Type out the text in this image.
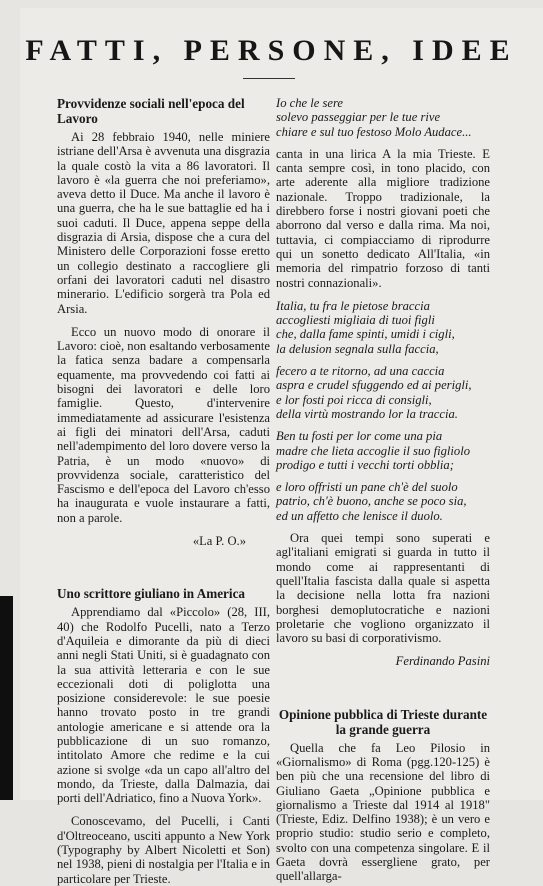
FATTI, PERSONE, IDEE
Provvidenze sociali nell'epoca del Lavoro

Ai 28 febbraio 1940, nelle miniere istriane dell'Arsa è avvenuta una disgrazia la quale costò la vita a 86 lavoratori. Il lavoro è «la guerra che noi preferiamo», aveva detto il Duce. Ma anche il lavoro è una guerra, che ha le sue battaglie ed ha i suoi caduti. Il Duce, appena seppe della disgrazia di Arsia, dispose che a cura del Ministero delle Corporazioni fosse eretto un collegio destinato a raccogliere gli orfani dei lavoratori caduti nel disastro minerario. L'edificio sorgerà tra Pola ed Arsia.

Ecco un nuovo modo di onorare il Lavoro: cioè, non esaltando verbosamente la fatica senza badare a compensarla equamente, ma provvedendo coi fatti ai bisogni dei lavoratori e delle loro famiglie. Questo, d'intervenire immediatamente ad assicurare l'esistenza ai figli dei minatori dell'Arsa, caduti nell'adempimento del loro dovere verso la Patria, è un modo «nuovo» di provvidenza sociale, caratteristico del Fascismo e dell'epoca del Lavoro ch'esso ha inaugurata e vuole instaurare a fatti, non a parole.

«La P. O.»
Uno scrittore giuliano in America

Apprendiamo dal «Piccolo» (28, III, 40) che Rodolfo Pucelli, nato a Terzo d'Aquileia e dimorante da più di dieci anni negli Stati Uniti, si è guadagnato con la sua attività letteraria e con le sue eccezionali doti di poliglotta una posizione considerevole: le sue poesie hanno trovato posto in tre grandi antologie americane e si attende ora la pubblicazione di un suo romanzo, intitolato Amore che redime e la cui azione si svolge «da un capo all'altro del mondo, da Trieste, dalla Dalmazia, dai porti dell'Adriatico, fino a Nuova York».

Conoscevamo, del Pucelli, i Canti d'Oltreoceano, usciti appunto a New York (Typography by Albert Nicoletti et Son) nel 1938, pieni di nostalgia per l'Italia e in particolare per Trieste.

Io che le sere
solevo passeggiar per le tue rive
chiare e sul tuo festoso Molo Audace...

canta in una lirica A la mia Trieste. E canta sempre così, in tono placido, con arte aderente alla migliore tradizione nazionale. Troppo tradizionale, la direbbero forse i nostri giovani poeti che aborrono dal verso e dalla rima. Ma noi, tuttavia, ci compiacciamo di riprodurre qui un sonetto dedicato All'Italia, «in memoria del rimpatrio forzoso di tanti nostri connazionali».

Italia, tu fra le pietose braccia
accogliesti migliaia di tuoi figli
che, dalla fame spinti, umidi i cigli,
la delusion segnala sulla faccia,
fecero a te ritorno, ad una caccia
aspra e crudel sfuggendo ed ai perigli,
e lor fosti poi ricca di consigli,
della virtù mostrando lor la traccia.
Ben tu fosti per lor come una pia
madre che lieta accoglie il suo figliolo
prodigo e tutti i vecchi torti obblia;
e loro offristi un pane ch'è del suolo
patrio, ch'è buono, anche se poco sia,
ed un affetto che lenisce il duolo.

Ora quei tempi sono superati e agl'italiani emigrati si guarda in tutto il mondo come ai rappresentanti di quell'Italia fascista dalla quale si aspetta la decisione nella lotta fra nazioni borghesi demoplutocratiche e nazioni proletarie che vogliono organizzato il lavoro su basi di corporativismo.

Ferdinando Pasini
Opinione pubblica di Trieste durante la grande guerra

Quella che fa Leo Pilosio in «Giornalismo» di Roma (pgg.120-125) è ben più che una recensione del libro di Giuliano Gaeta „Opinione pubblica e giornalismo a Trieste dal 1914 al 1918" (Trieste, Ediz. Delfino 1938); è un vero e proprio studio: studio serio e completo, svolto con una competenza singolare. E il Gaeta dovrà essergliene grato, per quell'allarga-
